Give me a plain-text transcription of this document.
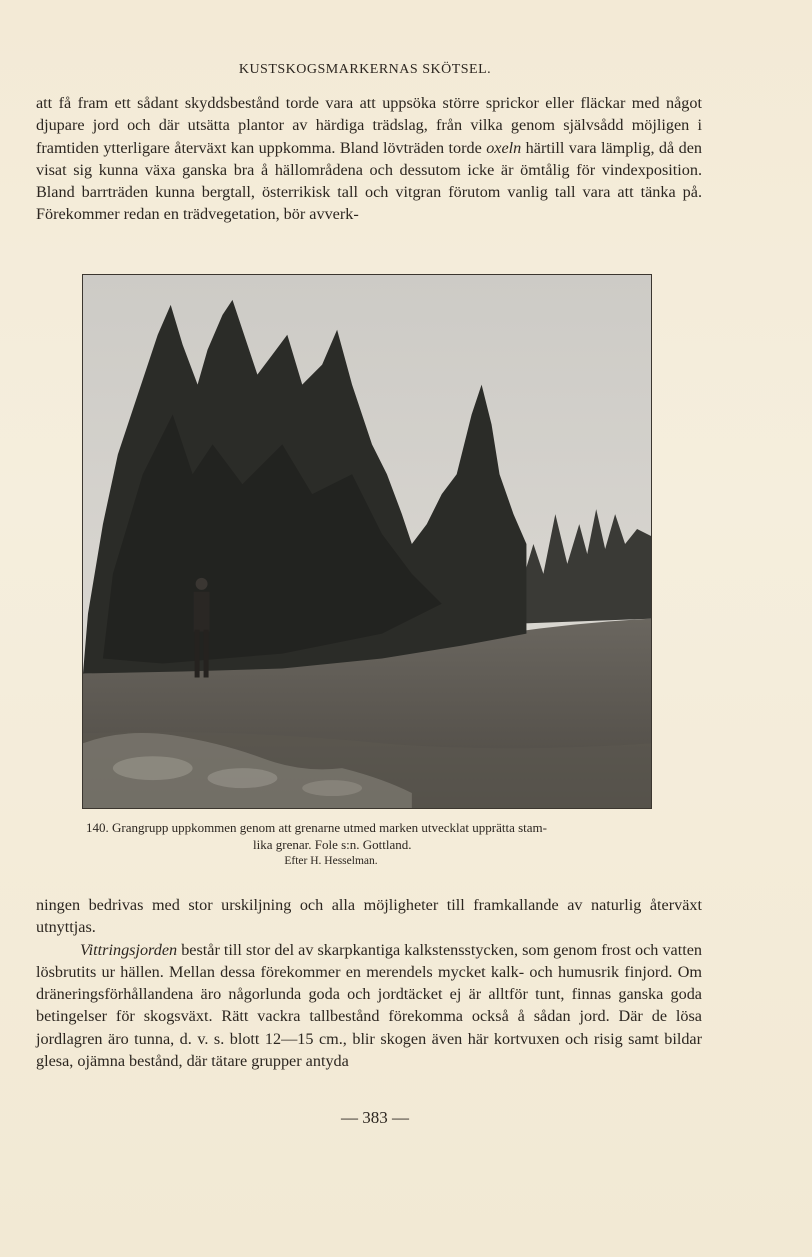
KUSTSKOGSMARKERNAS SKÖTSEL.

att få fram ett sådant skyddsbestånd torde vara att uppsöka större sprickor eller fläckar med något djupare jord och där utsätta plantor av härdiga trädslag, från vilka genom självsådd möjligen i framtiden ytterligare återväxt kan uppkomma. Bland lövträden torde oxeln härtill vara lämplig, då den visat sig kunna växa ganska bra å hällområdena och dessutom icke är ömtålig för vindexposition. Bland barrträden kunna bergtall, österrikisk tall och vitgran förutom vanlig tall vara att tänka på. Förekommer redan en trädvegetation, bör avverk-

140. Grangrupp uppkommen genom att grenarne utmed marken utvecklat upprätta stam-
lika grenar. Fole s:n. Gottland.
Efter H. Hesselman.

ningen bedrivas med stor urskiljning och alla möjligheter till framkallande av naturlig återväxt utnyttjas.

Vittringsjorden består till stor del av skarpkantiga kalkstensstycken, som genom frost och vatten lösbrutits ur hällen. Mellan dessa förekommer en merendels mycket kalk- och humusrik finjord. Om dräneringsförhållandena äro någorlunda goda och jordtäcket ej är alltför tunt, finnas ganska goda betingelser för skogsväxt. Rätt vackra tallbestånd förekomma också å sådan jord. Där de lösa jordlagren äro tunna, d. v. s. blott 12—15 cm., blir skogen även här kortvuxen och risig samt bildar glesa, ojämna bestånd, där tätare grupper antyda

— 383 —
